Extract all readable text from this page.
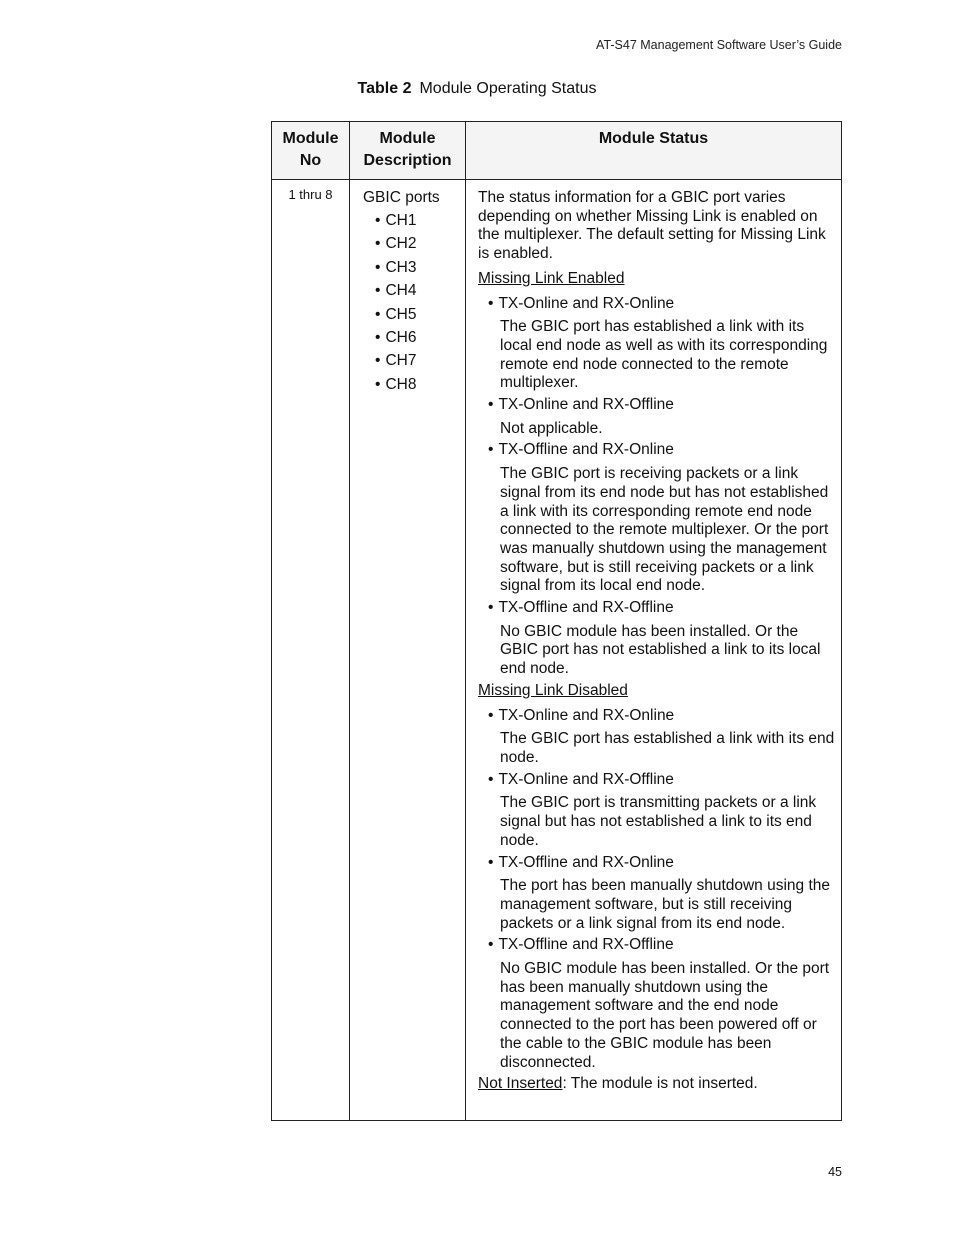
AT-S47 Management Software User’s Guide
Table 2 Module Operating Status
Module
No
Module
Description
Module Status
1 thru 8	GBIC ports
• CH1
• CH2
• CH3
• CH4
• CH5
• CH6
• CH7
• CH8

The status information for a GBIC port varies depending on whether Missing Link is enabled on the multiplexer. The default setting for Missing Link is enabled.

Missing Link Enabled
• TX-Online and RX-Online
The GBIC port has established a link with its local end node as well as with its corresponding remote end node connected to the remote multiplexer.
• TX-Online and RX-Offline
Not applicable.
• TX-Offline and RX-Online
The GBIC port is receiving packets or a link signal from its end node but has not established a link with its corresponding remote end node connected to the remote multiplexer. Or the port was manually shutdown using the management software, but is still receiving packets or a link signal from its local end node.
• TX-Offline and RX-Offline
No GBIC module has been installed. Or the GBIC port has not established a link to its local end node.
Missing Link Disabled
• TX-Online and RX-Online
The GBIC port has established a link with its end node.
• TX-Online and RX-Offline
The GBIC port is transmitting packets or a link signal but has not established a link to its end node.
• TX-Offline and RX-Online
The port has been manually shutdown using the management software, but is still receiving packets or a link signal from its end node.
• TX-Offline and RX-Offline
No GBIC module has been installed. Or the port has been manually shutdown using the management software and the end node connected to the port has been powered off or the cable to the GBIC module has been disconnected.
Not Inserted: The module is not inserted.
45
